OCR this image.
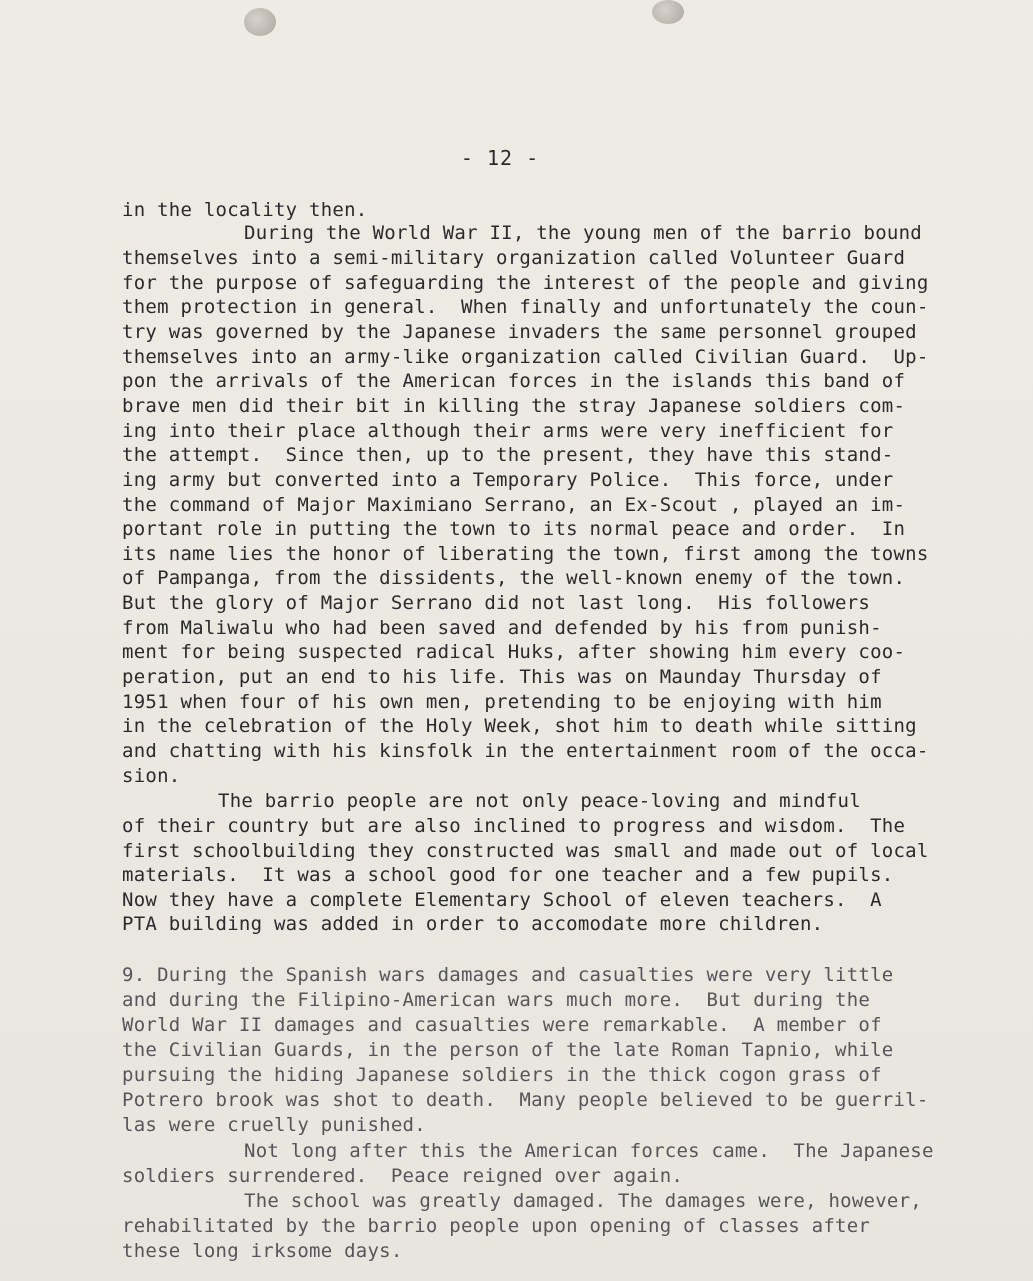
- 12 -
in the locality then.
During the World War II, the young men of the barrio bound
themselves into a semi-military organization called Volunteer Guard
for the purpose of safeguarding the interest of the people and giving
them protection in general.  When finally and unfortunately the coun-
try was governed by the Japanese invaders the same personnel grouped
themselves into an army-like organization called Civilian Guard.  Up-
pon the arrivals of the American forces in the islands this band of
brave men did their bit in killing the stray Japanese soldiers com-
ing into their place although their arms were very inefficient for
the attempt.  Since then, up to the present, they have this stand-
ing army but converted into a Temporary Police.  This force, under
the command of Major Maximiano Serrano, an Ex-Scout , played an im-
portant role in putting the town to its normal peace and order.  In
its name lies the honor of liberating the town, first among the towns
of Pampanga, from the dissidents, the well-known enemy of the town.
But the glory of Major Serrano did not last long.  His followers
from Maliwalu who had been saved and defended by his from punish-
ment for being suspected radical Huks, after showing him every coo-
peration, put an end to his life. This was on Maunday Thursday of
1951 when four of his own men, pretending to be enjoying with him
in the celebration of the Holy Week, shot him to death while sitting
and chatting with his kinsfolk in the entertainment room of the occa-
sion.
The barrio people are not only peace-loving and mindful
of their country but are also inclined to progress and wisdom.  The
first schoolbuilding they constructed was small and made out of local
materials.  It was a school good for one teacher and a few pupils.
Now they have a complete Elementary School of eleven teachers.  A
PTA building was added in order to accomodate more children.
9. During the Spanish wars damages and casualties were very little
and during the Filipino-American wars much more.  But during the
World War II damages and casualties were remarkable.  A member of
the Civilian Guards, in the person of the late Roman Tapnio, while
pursuing the hiding Japanese soldiers in the thick cogon grass of
Potrero brook was shot to death.  Many people believed to be guerril-
las were cruelly punished.
Not long after this the American forces came.  The Japanese
soldiers surrendered.  Peace reigned over again.
The school was greatly damaged. The damages were, however,
rehabilitated by the barrio people upon opening of classes after
these long irksome days.
